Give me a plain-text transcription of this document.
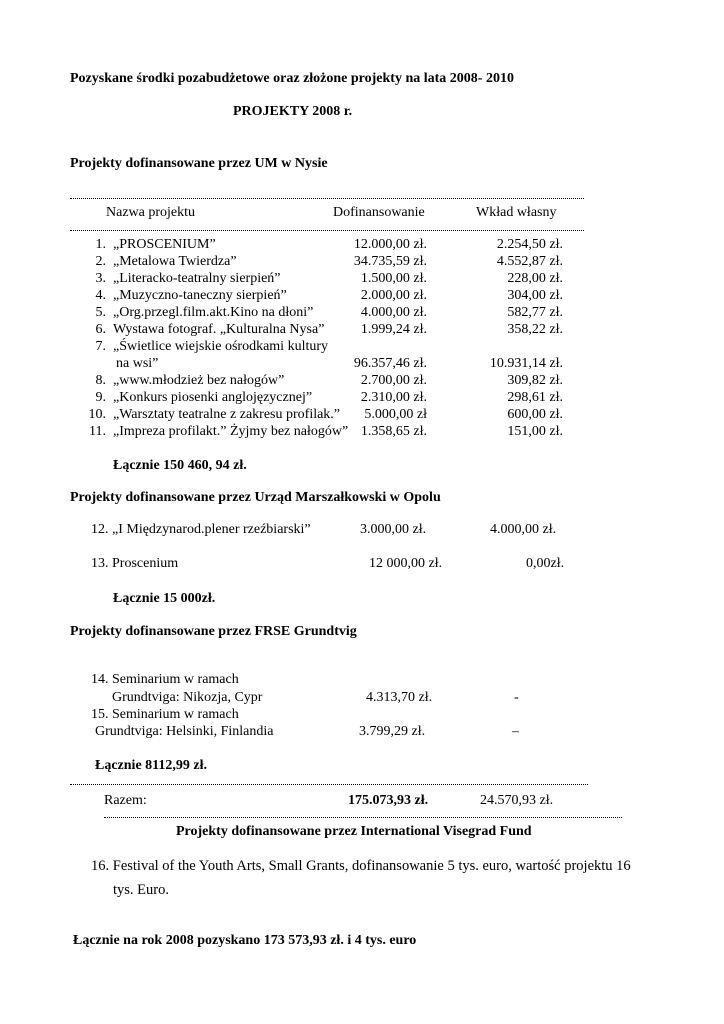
Pozyskane środki pozabudżetowe oraz złożone projekty na lata 2008- 2010
PROJEKTY 2008 r.
Projekty dofinansowane przez UM w Nysie
Nazwa projektu	Dofinansowanie	Wkład własny
1. „PROSCENIUM”	12.000,00 zł.	2.254,50 zł.
2. „Metalowa Twierdza”	34.735,59 zł.	4.552,87 zł.
3. „Literacko-teatralny sierpień”	1.500,00 zł.	228,00 zł.
4. „Muzyczno-taneczny sierpień”	2.000,00 zł.	304,00 zł.
5. „Org.przegl.film.akt.Kino na dłoni”	4.000,00 zł.	582,77 zł.
6. Wystawa fotograf. „Kulturalna Nysa”	1.999,24 zł.	358,22 zł.
7. „Świetlice wiejskie ośrodkami kultury
na wsi”	96.357,46 zł.	10.931,14 zł.
8. „www.młodzież bez nałogów”	2.700,00 zł.	309,82 zł.
9. „Konkurs piosenki anglojęzycznej”	2.310,00 zł.	298,61 zł.
10. „Warsztaty teatralne z zakresu profilak.” 5.000,00 zł	600,00 zł.
11. „Impreza profilakt.” Żyjmy bez nałogów” 1.358,65 zł.	151,00 zł.
Łącznie 150 460, 94 zł.
Projekty dofinansowane przez Urząd Marszałkowski w Opolu
12. „I Międzynarod.plener rzeźbiarski”	3.000,00 zł.	4.000,00 zł.
13. Proscenium	12 000,00 zł.	0,00zł.
Łącznie 15 000zł.
Projekty dofinansowane przez FRSE Grundtvig
14. Seminarium w ramach
Grundtviga: Nikozja, Cypr	4.313,70 zł.	-
15. Seminarium w ramach
Grundtviga: Helsinki, Finlandia	3.799,29 zł.	–
Łącznie 8112,99 zł.
Razem:	175.073,93 zł.	24.570,93 zł.
Projekty dofinansowane przez International Visegrad Fund
16. Festival of the Youth Arts, Small Grants, dofinansowanie 5 tys. euro, wartość projektu 16
tys. Euro.
Łącznie na rok 2008 pozyskano 173 573,93 zł. i 4 tys. euro
